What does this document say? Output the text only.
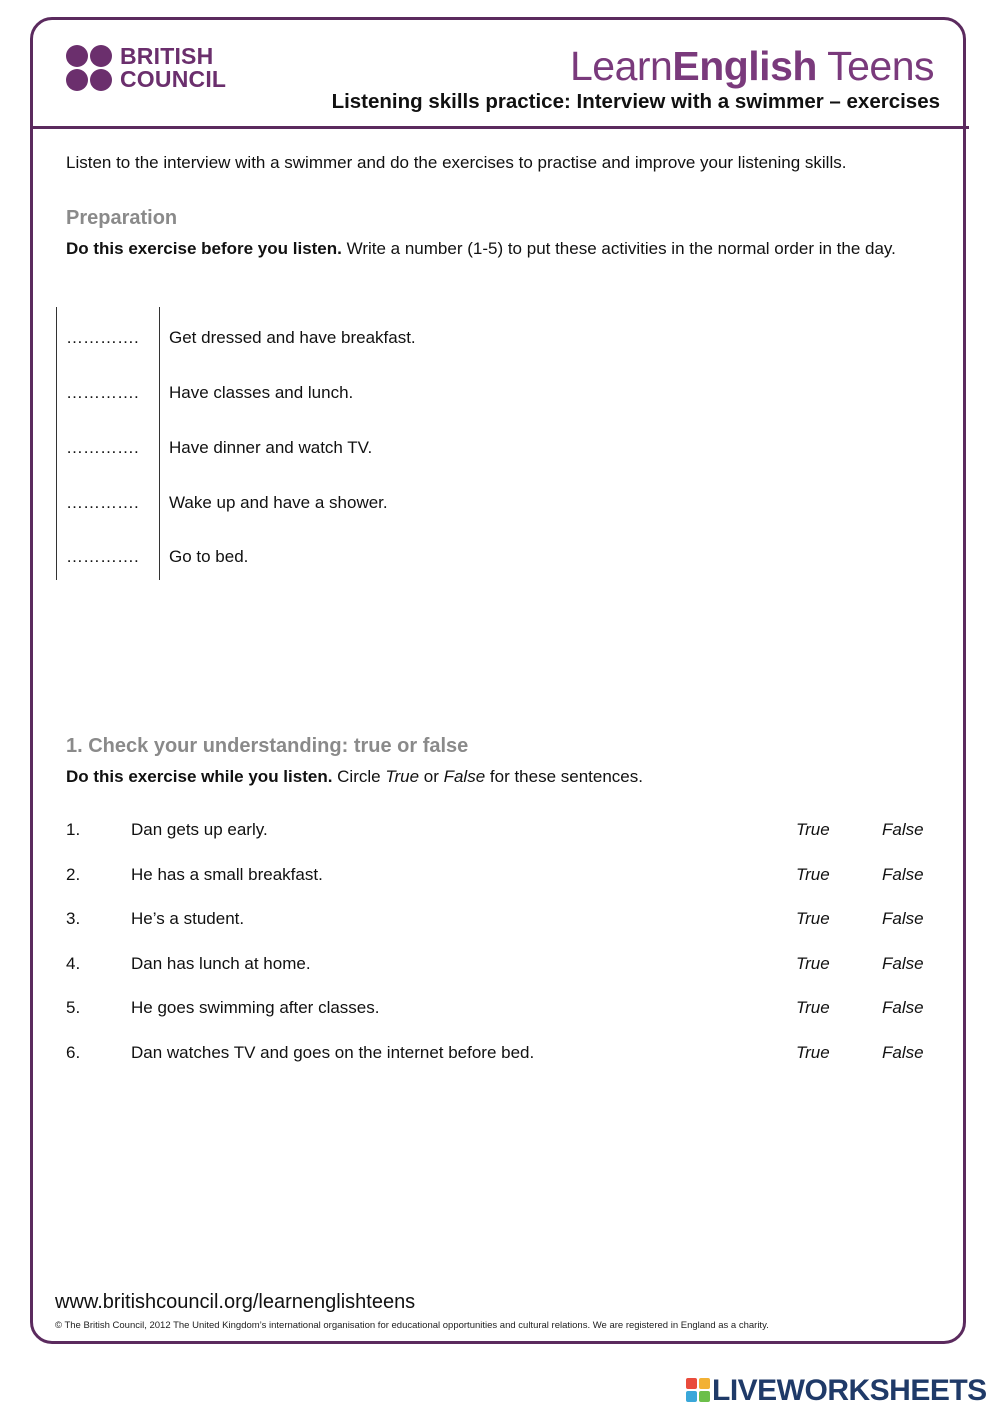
BRITISH
COUNCIL	LearnEnglish Teens
Listening skills practice: Interview with a swimmer – exercises
Listen to the interview with a swimmer and do the exercises to practise and improve your listening skills.
Preparation
Do this exercise before you listen. Write a number (1-5) to put these activities in the normal order in the day.
…………. Get dressed and have breakfast.
…………. Have classes and lunch.
…………. Have dinner and watch TV.
…………. Wake up and have a shower.
…………. Go to bed.
1. Check your understanding: true or false
Do this exercise while you listen. Circle True or False for these sentences.
1.	Dan gets up early.	True	False
2.	He has a small breakfast.	True	False
3.	He’s a student.	True	False
4.	Dan has lunch at home.	True	False
5.	He goes swimming after classes.	True	False
6.	Dan watches TV and goes on the internet before bed.	True	False
www.britishcouncil.org/learnenglishteens
© The British Council, 2012 The United Kingdom’s international organisation for educational opportunities and cultural relations. We are registered in England as a charity.
LIVEWORKSHEETS
